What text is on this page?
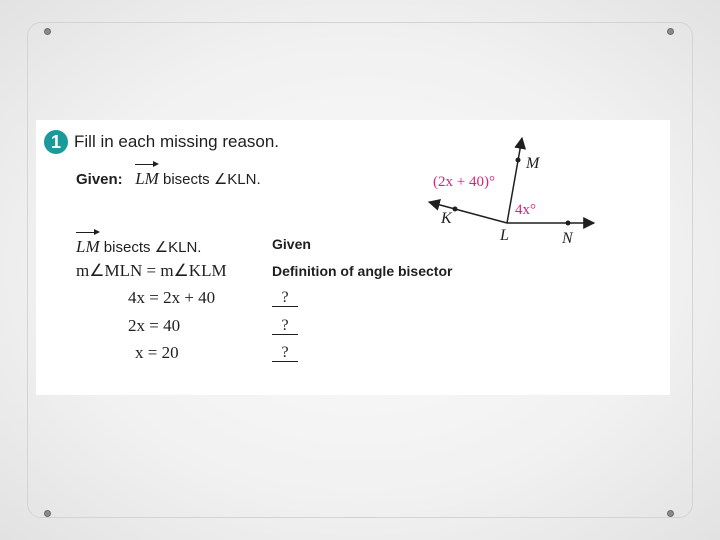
1 Fill in each missing reason.
Given: LM bisects ∠KLN.
LM bisects ∠KLN.
m∠MLN = m∠KLM
4x = 2x + 40
2x = 40
x = 20
Given
Definition of angle bisector
?
?
?
K
L
M
N
(2x + 40)°
4x°
